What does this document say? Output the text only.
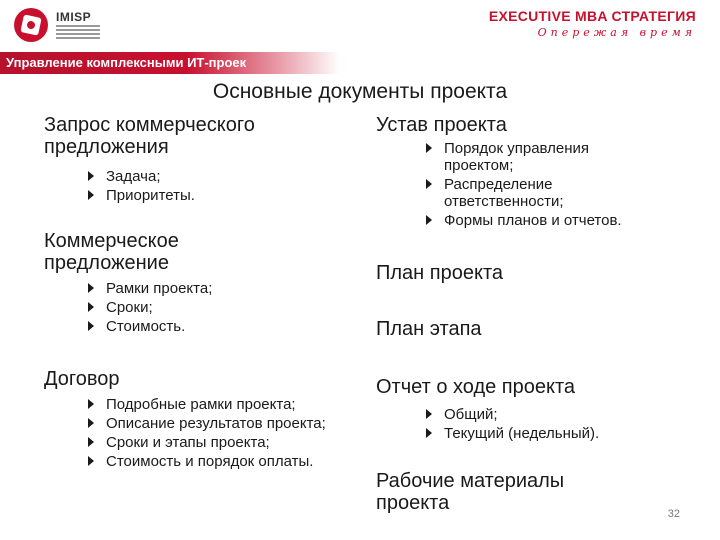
IMISP	EXECUTIVE MBA СТРАТЕГИЯ
Опережая время
Управление комплексными ИТ-проек
Основные документы проекта
Запрос коммерческого
предложения
Задача;
Приоритеты.
Коммерческое
предложение
Рамки проекта;
Сроки;
Стоимость.
Договор
Подробные рамки проекта;
Описание результатов проекта;
Сроки и этапы проекта;
Стоимость и порядок оплаты.
Устав проекта
Порядок управления проектом;
Распределение ответственности;
Формы планов и отчетов.
План проекта
План этапа
Отчет о ходе проекта
Общий;
Текущий (недельный).
Рабочие материалы
проекта	32
